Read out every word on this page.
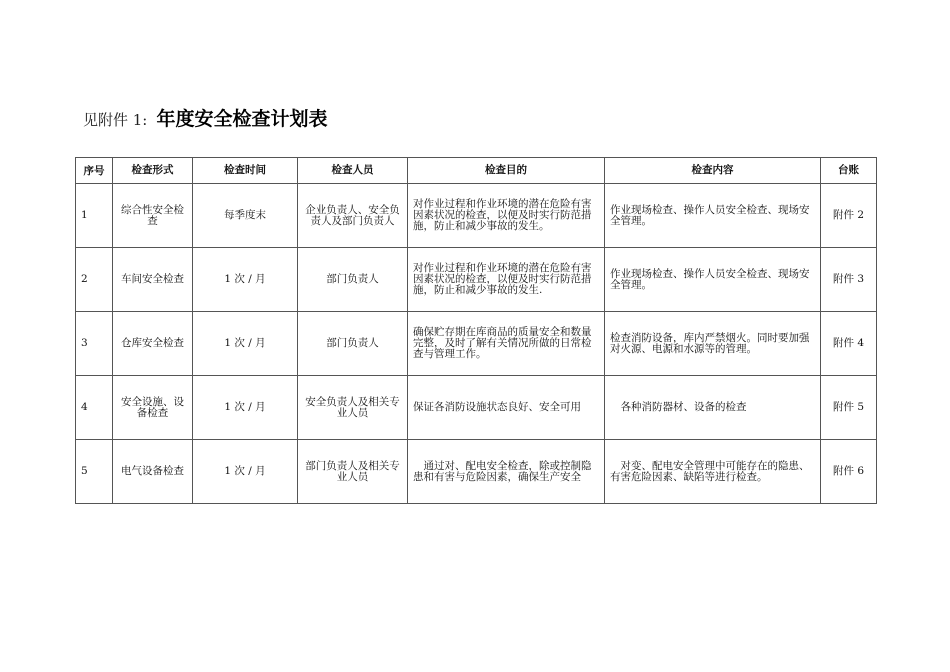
见附件 1: 年度安全检查计划表
序号	检查形式	检查时间	检查人员	检查目的	检查内容	台账
1	综合性安全检查	每季度末	企业负责人、安全负责人及部门负责人	对作业过程和作业环境的潜在危险有害因素状况的检查，以便及时实行防范措施，防止和减少事故的发生。	作业现场检查、操作人员安全检查、现场安全管理。	附件 2
2	车间安全检查	1 次 / 月	部门负责人	对作业过程和作业环境的潜在危险有害因素状况的检查，以便及时实行防范措施，防止和减少事故的发生.	作业现场检查、操作人员安全检查、现场安全管理。	附件 3
3	仓库安全检查	1 次 / 月	部门负责人	确保贮存期在库商品的质量安全和数量完整，及时了解有关情况所做的日常检查与管理工作。	检查消防设备，库内严禁烟火。同时要加强对火源、电源和水源等的管理。	附件 4
4	安全设施、设备检查	1 次 / 月	安全负责人及相关专业人员	保证各消防设施状态良好、安全可用	　各种消防器材、设备的检查	附件 5
5	电气设备检查	1 次 / 月	部门负责人及相关专业人员	　通过对、配电安全检查，除或控制隐患和有害与危险因素，确保生产安全	　对变、配电安全管理中可能存在的隐患、有害危险因素、缺陷等进行检查。	附件 6
